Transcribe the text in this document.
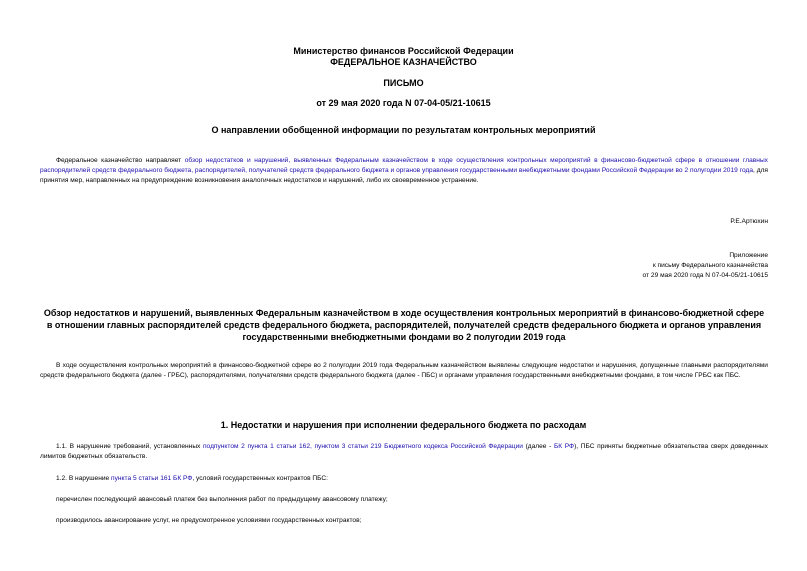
Министерство финансов Российской Федерации
ФЕДЕРАЛЬНОЕ КАЗНАЧЕЙСТВО
ПИСЬМО
от 29 мая 2020 года N 07-04-05/21-10615
О направлении обобщенной информации по результатам контрольных мероприятий
Федеральное казначейство направляет обзор недостатков и нарушений, выявленных Федеральным казначейством в ходе осуществления контрольных мероприятий в финансово-бюджетной сфере в отношении главных распорядителей средств федерального бюджета, распорядителей, получателей средств федерального бюджета и органов управления государственными внебюджетными фондами Российской Федерации во 2 полугодии 2019 года, для принятия мер, направленных на предупреждение возникновения аналогичных недостатков и нарушений, либо их своевременное устранение.
Р.Е.Артюхин
Приложение
к письму Федерального казначейства
от 29 мая 2020 года N 07-04-05/21-10615
Обзор недостатков и нарушений, выявленных Федеральным казначейством в ходе осуществления контрольных мероприятий в финансово-бюджетной сфере в отношении главных распорядителей средств федерального бюджета, распорядителей, получателей средств федерального бюджета и органов управления государственными внебюджетными фондами во 2 полугодии 2019 года
В ходе осуществления контрольных мероприятий в финансово-бюджетной сфере во 2 полугодии 2019 года Федеральным казначейством выявлены следующие недостатки и нарушения, допущенные главными распорядителями средств федерального бюджета (далее - ГРБС), распорядителями, получателями средств федерального бюджета (далее - ПБС) и органами управления государственными внебюджетными фондами, в том числе ГРБС как ПБС.
1. Недостатки и нарушения при исполнении федерального бюджета по расходам
1.1. В нарушение требований, установленных подпунктом 2 пункта 1 статьи 162, пунктом 3 статьи 219 Бюджетного кодекса Российской Федерации (далее - БК РФ), ПБС приняты бюджетные обязательства сверх доведенных лимитов бюджетных обязательств.
1.2. В нарушение пункта 5 статьи 161 БК РФ, условий государственных контрактов ПБС:
перечислен последующий авансовый платеж без выполнения работ по предыдущему авансовому платежу;
производилось авансирование услуг, не предусмотренное условиями государственных контрактов;
